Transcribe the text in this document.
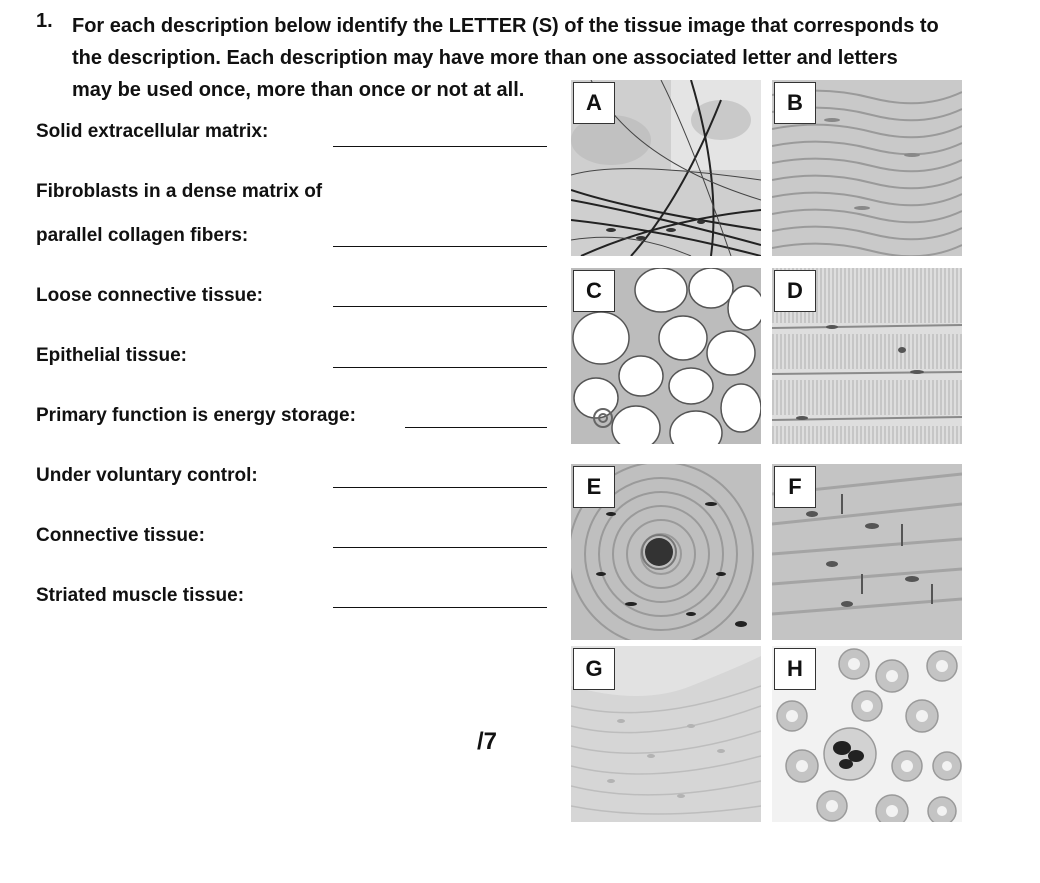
1. For each description below identify the LETTER (S) of the tissue image that corresponds to
the description. Each description may have more than one associated letter and letters
may be used once, more than once or not at all.
Solid extracellular matrix:
Fibroblasts in a dense matrix of
parallel collagen fibers:
Loose connective tissue:
Epithelial tissue:
Primary function is energy storage:
Under voluntary control:
Connective tissue:
Striated muscle tissue:
/7
A	B
C	D
E	F
G	H
